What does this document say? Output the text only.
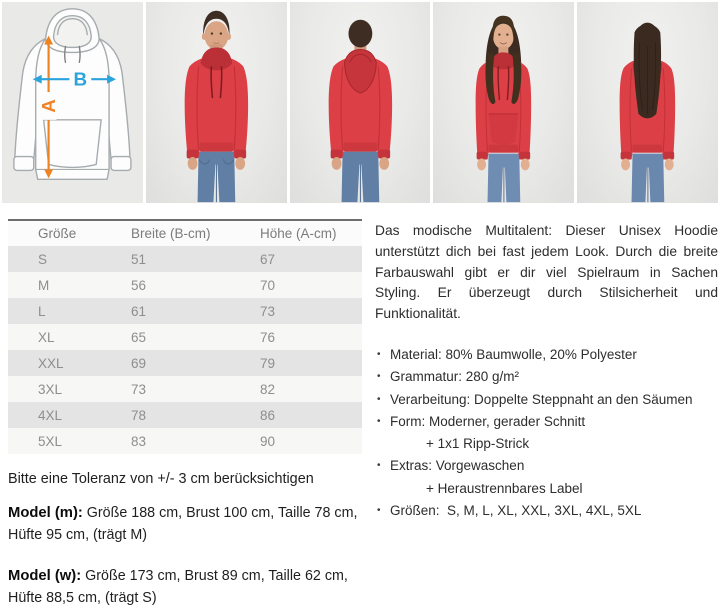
A
B
Größe	Breite (B-cm)	Höhe (A-cm)
S	51	67
M	56	70
L	61	73
XL	65	76
XXL	69	79
3XL	73	82
4XL	78	86
5XL	83	90
Bitte eine Toleranz von +/- 3 cm berücksichtigen
Model (m): Größe 188 cm, Brust 100 cm, Taille 78 cm, Hüfte 95 cm, (trägt M)
Model (w): Größe 173 cm, Brust 89 cm, Taille 62 cm, Hüfte 88,5 cm, (trägt S)

Das modische Multitalent: Dieser Unisex Hoodie unterstützt dich bei fast jedem Look. Durch die breite Farbauswahl gibt er dir viel Spielraum in Sachen Styling. Er überzeugt durch Stilsicherheit und Funktionalität.

• Material: 80% Baumwolle, 20% Polyester
• Grammatur: 280 g/m²
• Verarbeitung: Doppelte Steppnaht an den Säumen
• Form: Moderner, gerader Schnitt
+ 1x1 Ripp-Strick
• Extras: Vorgewaschen
+ Heraustrennbares Label
• Größen:  S, M, L, XL, XXL, 3XL, 4XL, 5XL
